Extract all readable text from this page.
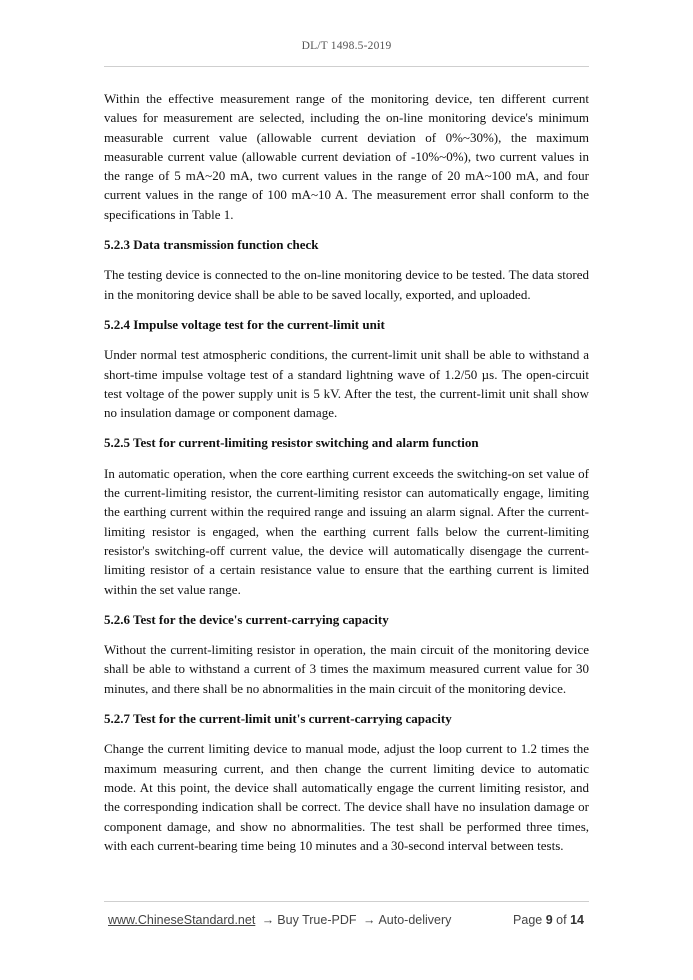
DL/T 1498.5-2019

Within the effective measurement range of the monitoring device, ten different current values for measurement are selected, including the on-line monitoring device's minimum measurable current value (allowable current deviation of 0%~30%), the maximum measurable current value (allowable current deviation of -10%~0%), two current values in the range of 5 mA~20 mA, two current values in the range of 20 mA~100 mA, and four current values in the range of 100 mA~10 A. The measurement error shall conform to the specifications in Table 1.

5.2.3 Data transmission function check

The testing device is connected to the on-line monitoring device to be tested. The data stored in the monitoring device shall be able to be saved locally, exported, and uploaded.

5.2.4 Impulse voltage test for the current-limit unit

Under normal test atmospheric conditions, the current-limit unit shall be able to withstand a short-time impulse voltage test of a standard lightning wave of 1.2/50 µs. The open-circuit test voltage of the power supply unit is 5 kV. After the test, the current-limit unit shall show no insulation damage or component damage.

5.2.5 Test for current-limiting resistor switching and alarm function

In automatic operation, when the core earthing current exceeds the switching-on set value of the current-limiting resistor, the current-limiting resistor can automatically engage, limiting the earthing current within the required range and issuing an alarm signal. After the current-limiting resistor is engaged, when the earthing current falls below the current-limiting resistor's switching-off current value, the device will automatically disengage the current-limiting resistor of a certain resistance value to ensure that the earthing current is limited within the set value range.

5.2.6 Test for the device's current-carrying capacity

Without the current-limiting resistor in operation, the main circuit of the monitoring device shall be able to withstand a current of 3 times the maximum measured current value for 30 minutes, and there shall be no abnormalities in the main circuit of the monitoring device.

5.2.7 Test for the current-limit unit's current-carrying capacity

Change the current limiting device to manual mode, adjust the loop current to 1.2 times the maximum measuring current, and then change the current limiting device to automatic mode. At this point, the device shall automatically engage the current limiting resistor, and the corresponding indication shall be correct. The device shall have no insulation damage or component damage, and show no abnormalities. The test shall be performed three times, with each current-bearing time being 10 minutes and a 30-second interval between tests.

www.ChineseStandard.net → Buy True-PDF → Auto-delivery	Page 9 of 14
